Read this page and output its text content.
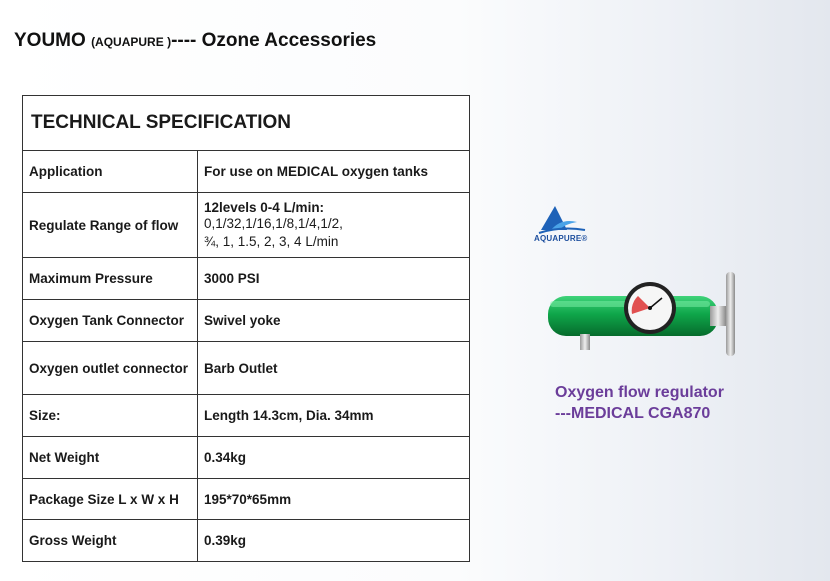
YOUMO (AQUAPURE )---- Ozone Accessories
TECHNICAL SPECIFICATION	
Application	For use on MEDICAL oxygen tanks
Regulate Range of flow	12levels 0-4 L/min:
0,1/32,1/16,1/8,1/4,1/2,
¾, 1, 1.5, 2, 3, 4 L/min

Maximum Pressure	3000 PSI
Oxygen Tank Connector	Swivel yoke
Oxygen outlet connector	Barb Outlet
Size:	Length 14.3cm, Dia. 34mm
Net Weight	0.34kg
Package Size L x W x H	195*70*65mm
Gross Weight	0.39kg
AQUAPURE®
Oxygen flow regulator
---MEDICAL CGA870
